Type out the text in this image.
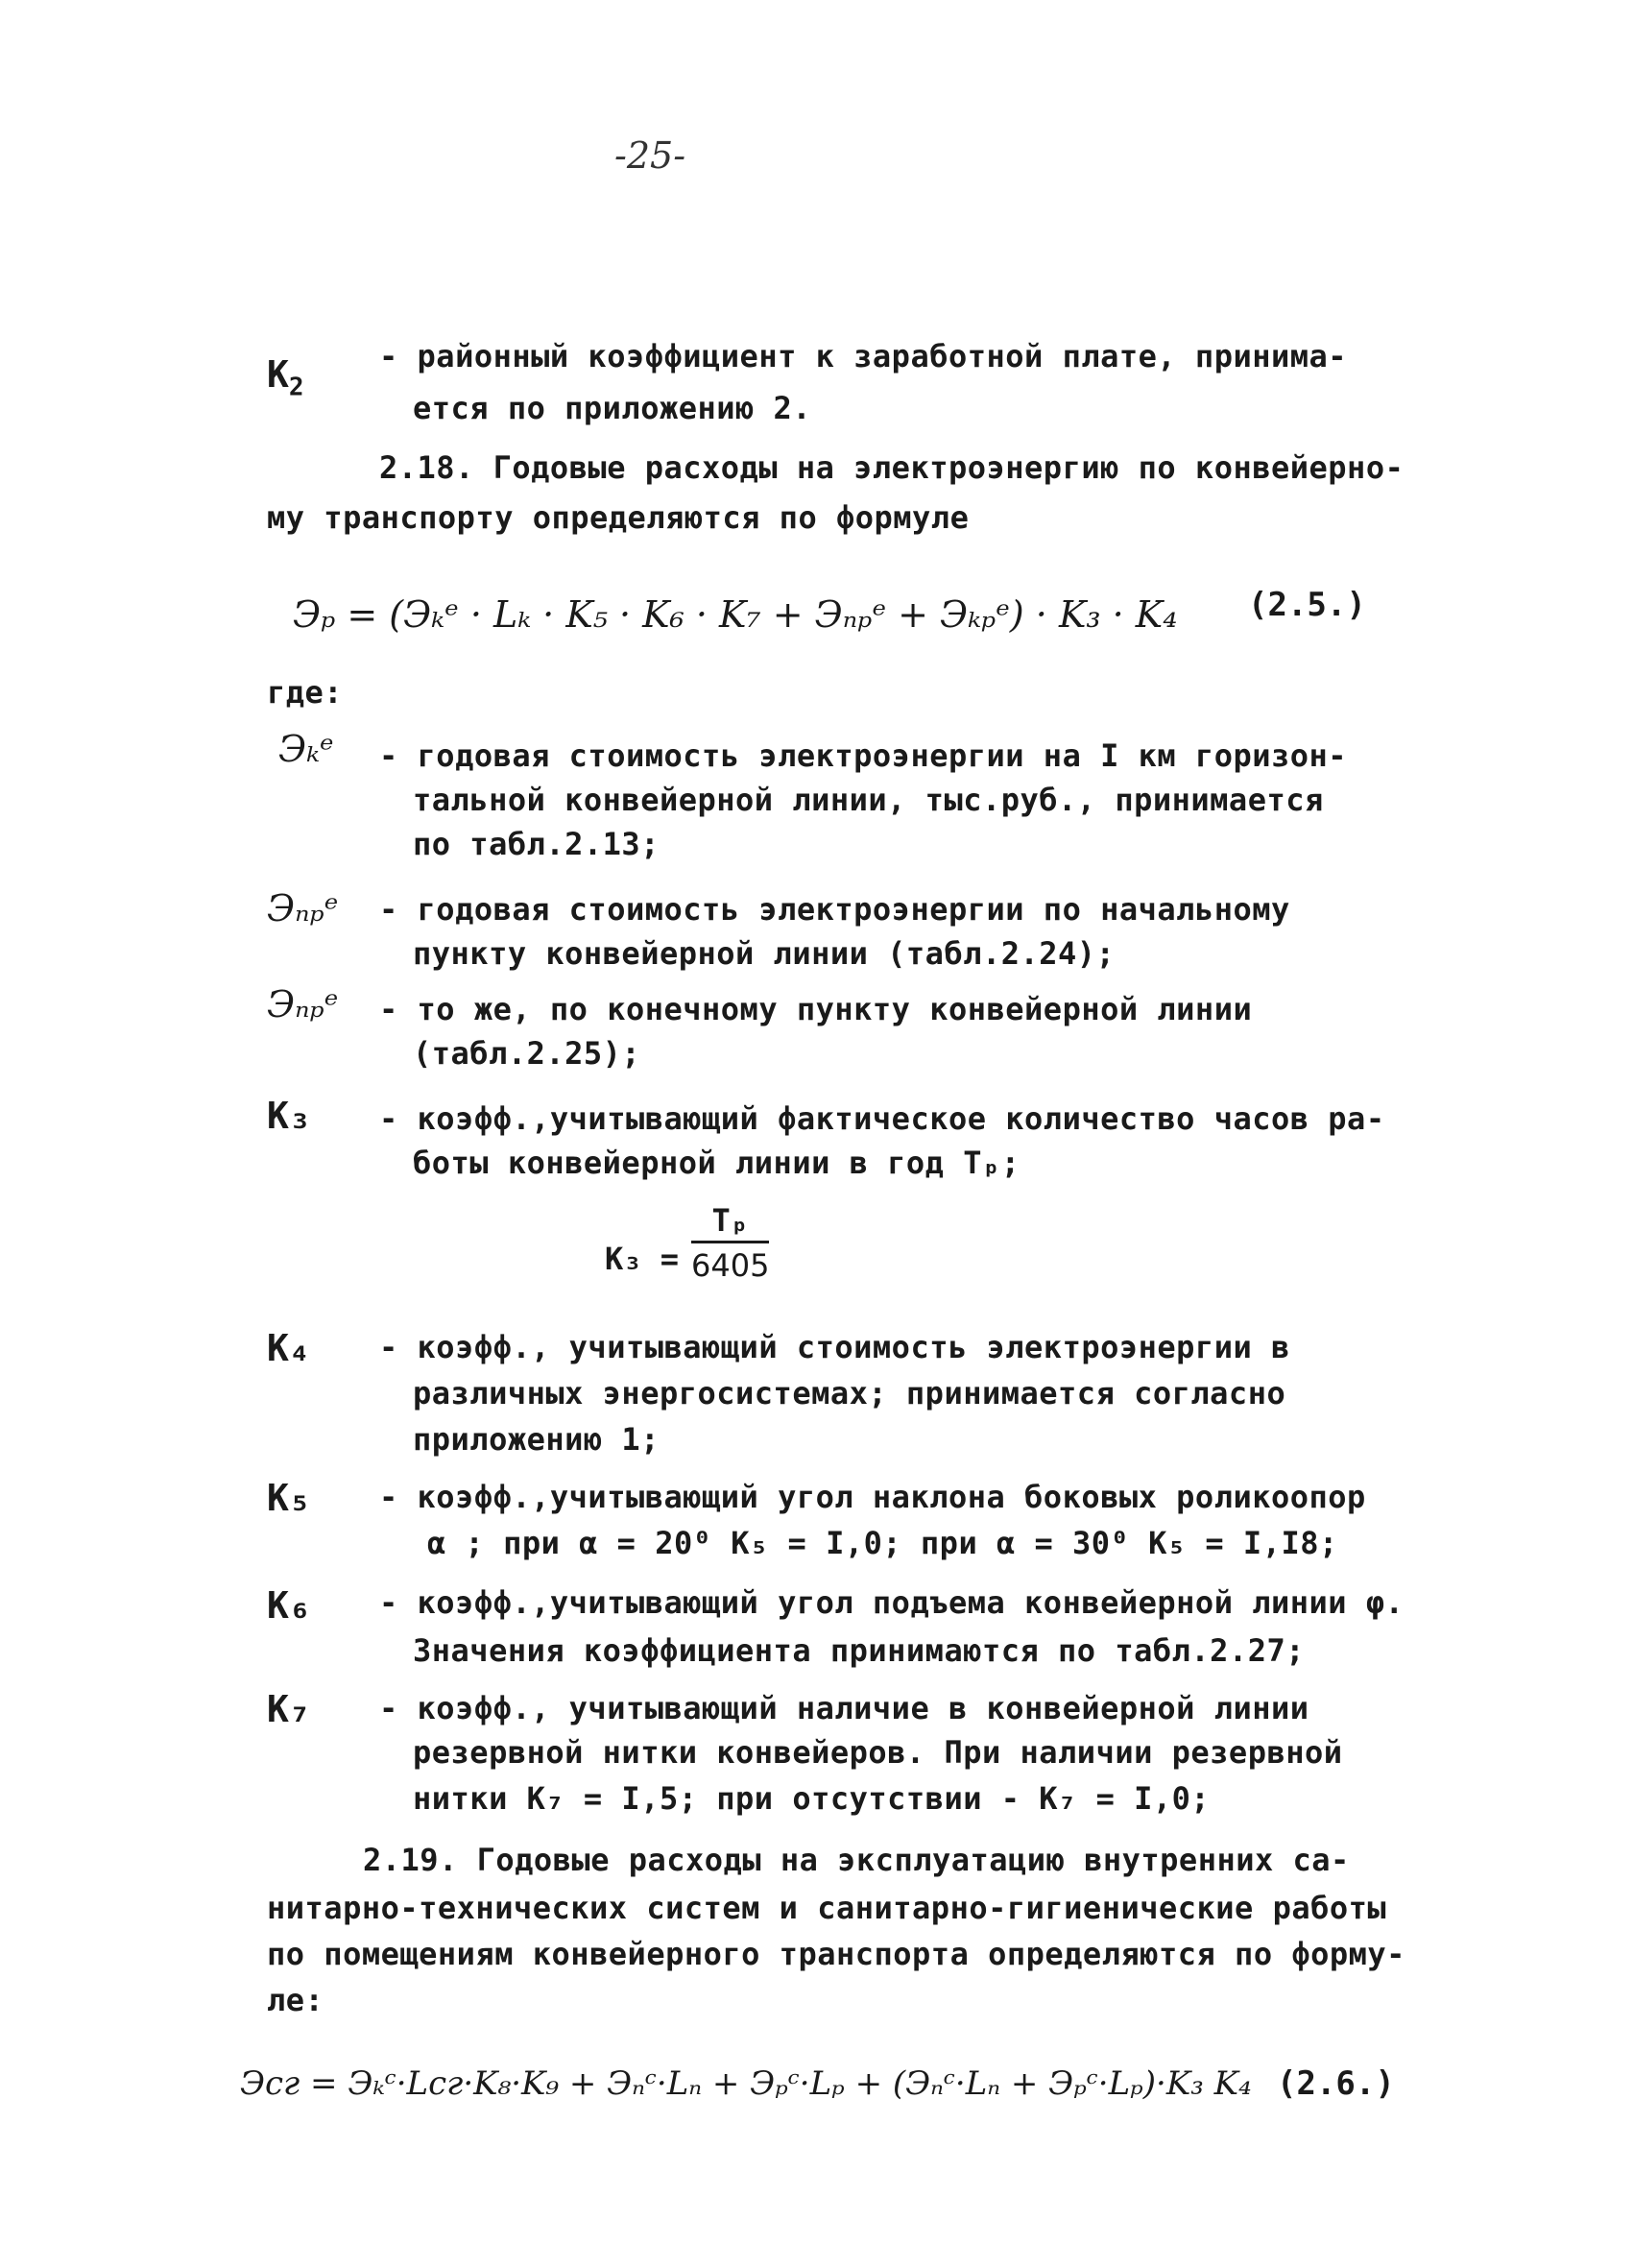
-25-
$K_2$
- районный коэффициент к заработной плате, принима-
ется по приложению 2.
2.18. Годовые расходы на электроэнергию по конвейерно-
му транспорту определяются по формуле
Эₚ = (Эₖᵉ · Lₖ · K₅ · K₆ · K₇ + Эₙₚᵉ + Эₖₚᵉ) · K₃ · K₄ (2.5.)
где:
Эₖᵉ - годовая стоимость электроэнергии на I км горизон-
тальной конвейерной линии, тыс.руб., принимается
по табл.2.13;
Эₙₚᵉ - годовая стоимость электроэнергии по начальному
пункту конвейерной линии (табл.2.24);
Эₙₚᵉ - то же, по конечному пункту конвейерной линии
(табл.2.25);
K₃ - коэфф.,учитывающий фактическое количество часов ра-
боты конвейерной линии в год Tₚ;
$K_3 = \frac{\text{Tₚ}}{6405}$
K₄ - коэфф., учитывающий стоимость электроэнергии в
различных энергосистемах; принимается согласно
приложению 1;
K₅ - коэфф.,учитывающий угол наклона боковых роликоопор
α ; при α = 20⁰ K₅ = I,0; при α = 30⁰ K₅ = I,I8;
K₆ - коэфф.,учитывающий угол подъема конвейерной линии φ.
Значения коэффициента принимаются по табл.2.27;
K₇ - коэфф., учитывающий наличие в конвейерной линии
резервной нитки конвейеров. При наличии резервной
нитки K₇ = I,5; при отсутствии - K₇ = I,0;
2.19. Годовые расходы на эксплуатацию внутренних са-
нитарно-технических систем и санитарно-гигиенические работы
по помещениям конвейерного транспорта определяются по форму-
ле:
Эсг = Эₖᶜ·Lсг·K₈·K₉ + Эₙᶜ·Lₙ + Эₚᶜ·Lₚ + (Эₙᶜ·Lₙ + Эₚᶜ·Lₚ)·K₃ K₄ (2.6.)
